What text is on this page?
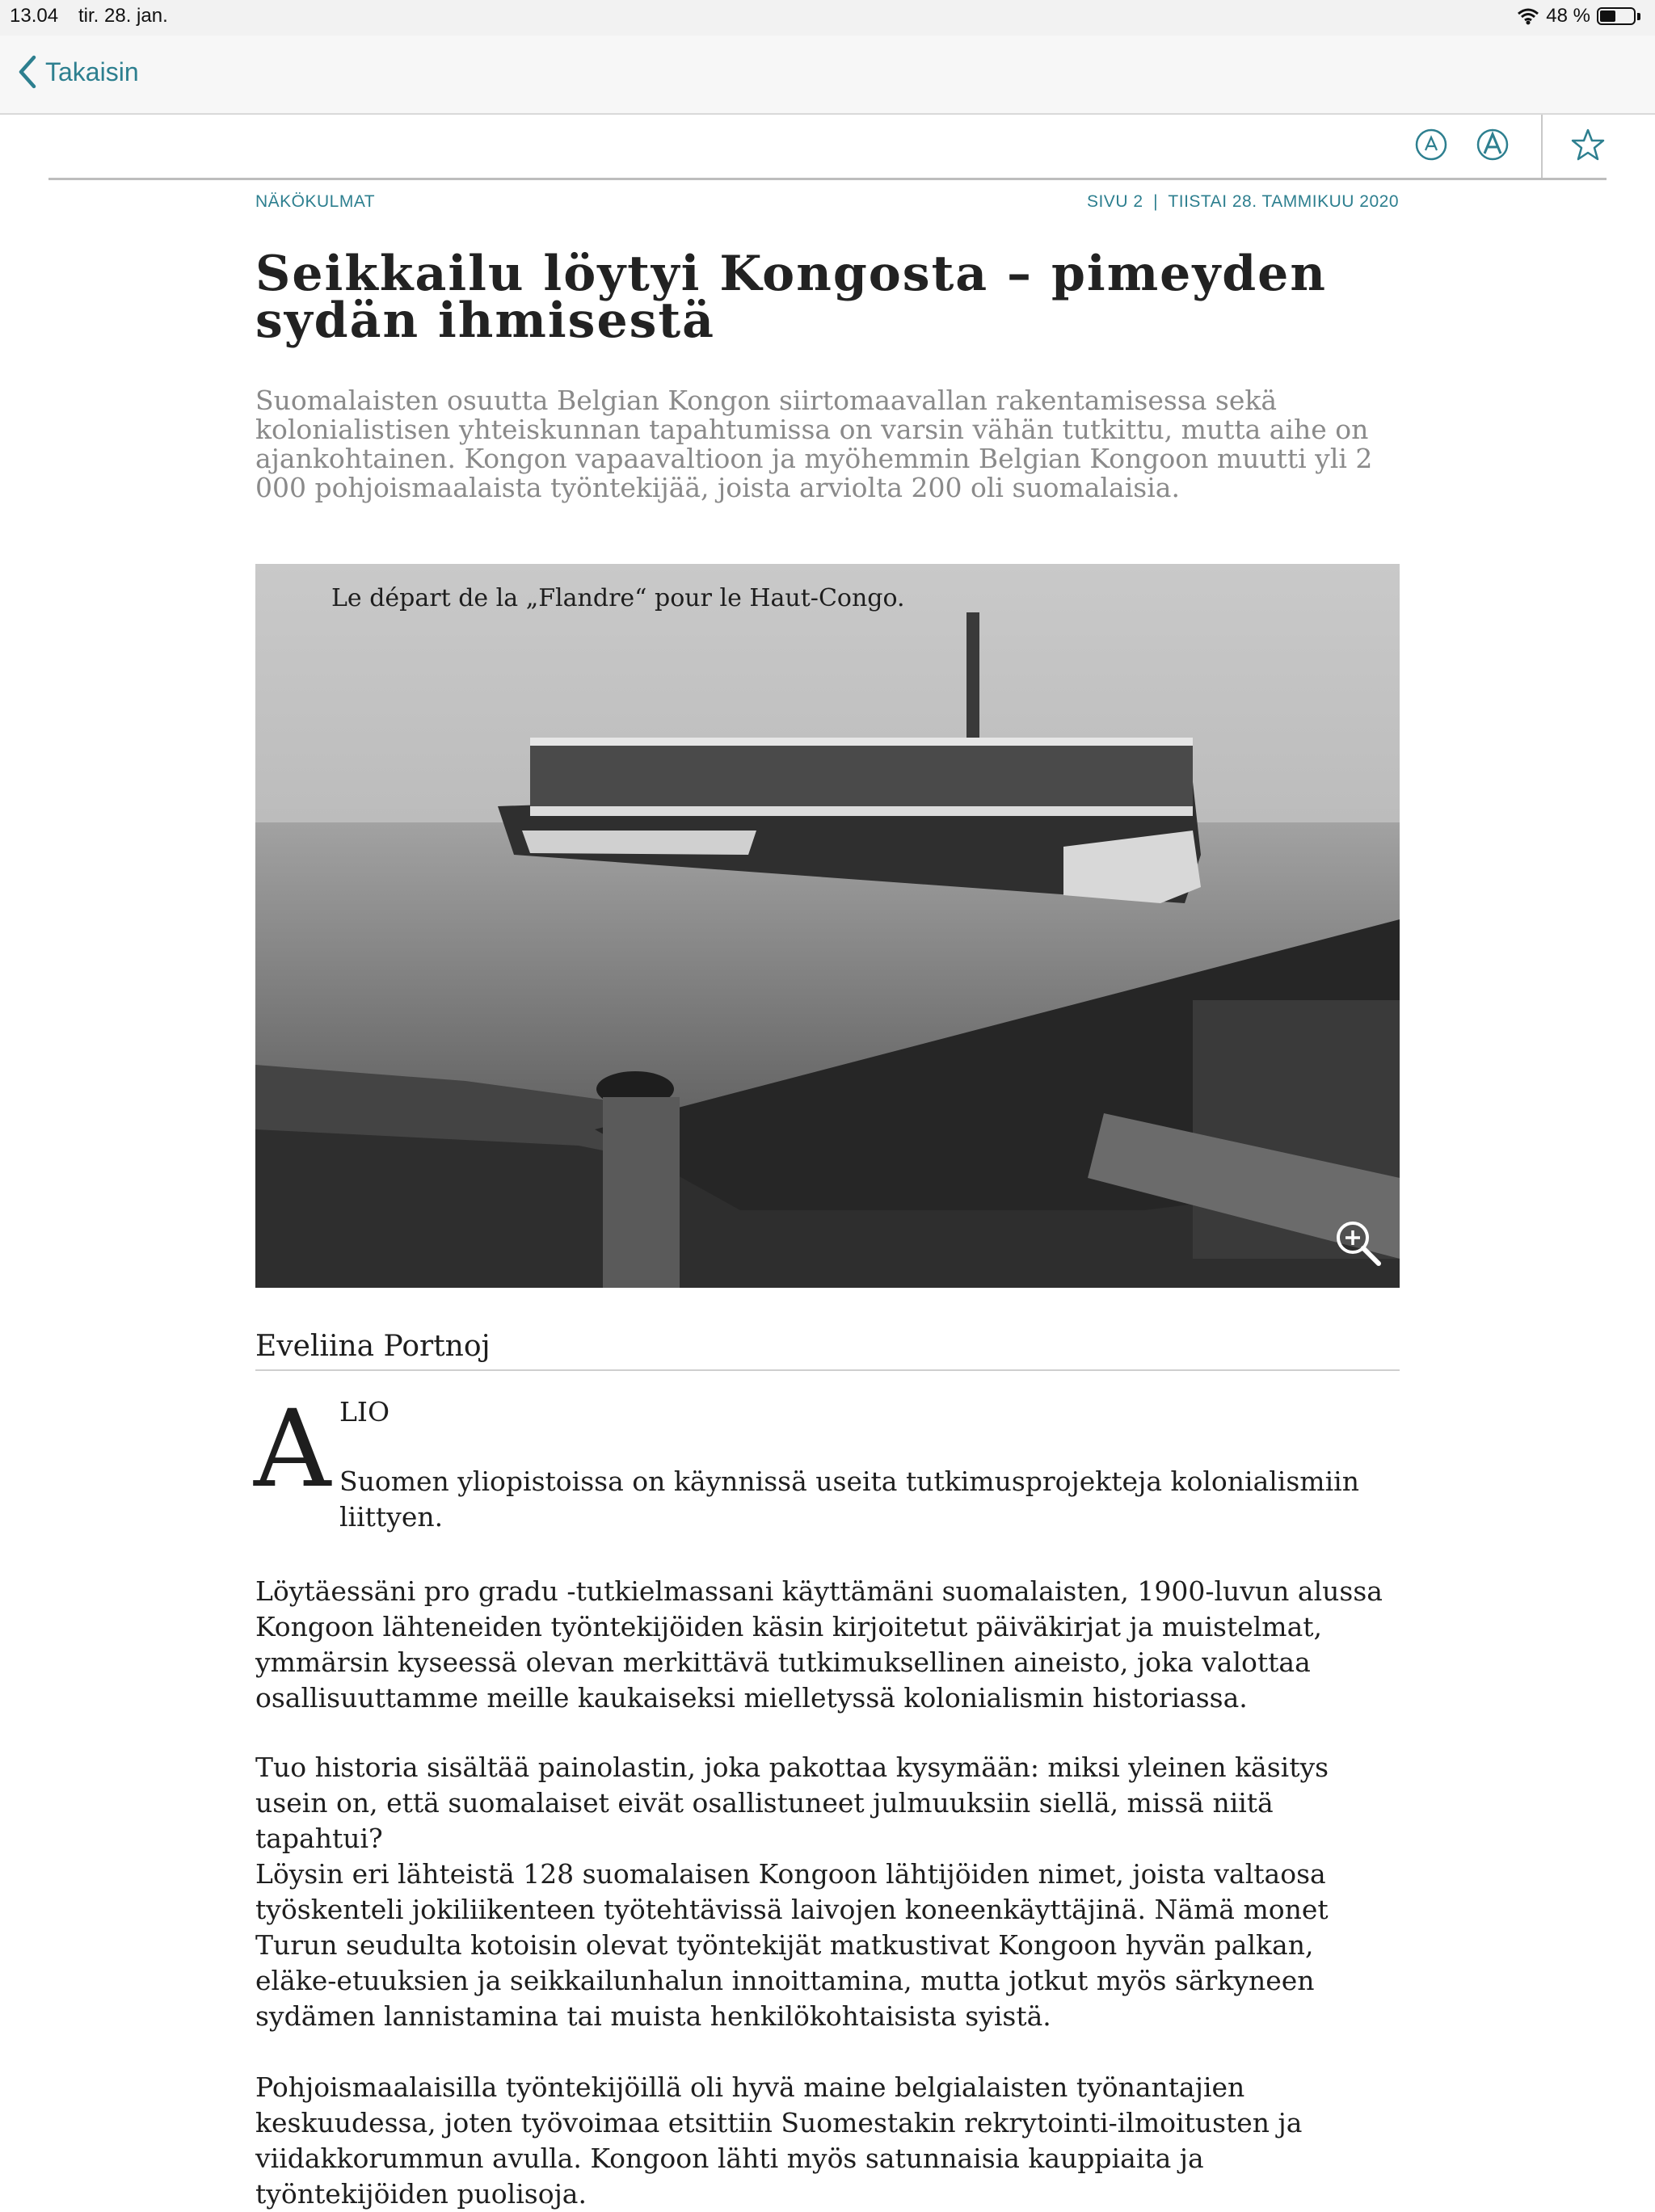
13.04 tir. 28. jan.	48 %
Takaisin
NÄKÖKULMAT	SIVU 2  |  TIISTAI 28. TAMMIKUU 2020
Seikkailu löytyi Kongosta – pimeyden sydän ihmisestä

Suomalaisten osuutta Belgian Kongon siirtomaavallan rakentamisessa sekä kolonialistisen yhteiskunnan tapahtumissa on varsin vähän tutkittu, mutta aihe on ajankohtainen. Kongon vapaavaltioon ja myöhemmin Belgian Kongoon muutti yli 2 000 pohjoismaalaista työntekijää, joista arviolta 200 oli suomalaisia.

Le départ de la „Flandre“ pour le Haut-Congo.
Eveliina Portnoj
A LIO

Suomen yliopistoissa on käynnissä useita tutkimusprojekteja kolonialismiin liittyen.

Löytäessäni pro gradu -tutkielmassani käyttämäni suomalaisten, 1900-luvun alussa Kongoon lähteneiden työntekijöiden käsin kirjoitetut päiväkirjat ja muistelmat, ymmärsin kyseessä olevan merkittävä tutkimuksellinen aineisto, joka valottaa osallisuuttamme meille kaukaiseksi mielletyssä kolonialismin historiassa.

Tuo historia sisältää painolastin, joka pakottaa kysymään: miksi yleinen käsitys usein on, että suomalaiset eivät osallistuneet julmuuksiin siellä, missä niitä tapahtui?

Löysin eri lähteistä 128 suomalaisen Kongoon lähtijöiden nimet, joista valtaosa työskenteli jokiliikenteen työtehtävissä laivojen koneenkäyttäjinä. Nämä monet Turun seudulta kotoisin olevat työntekijät matkustivat Kongoon hyvän palkan, eläke-etuuksien ja seikkailunhalun innoittamina, mutta jotkut myös särkyneen sydämen lannistamina tai muista henkilökohtaisista syistä.

Pohjoismaalaisilla työntekijöillä oli hyvä maine belgialaisten työnantajien keskuudessa, joten työvoimaa etsittiin Suomestakin rekrytointi-ilmoitusten ja viidakkorummun avulla. Kongoon lähti myös satunnaisia kauppiaita ja työntekijöiden puolisoja.
